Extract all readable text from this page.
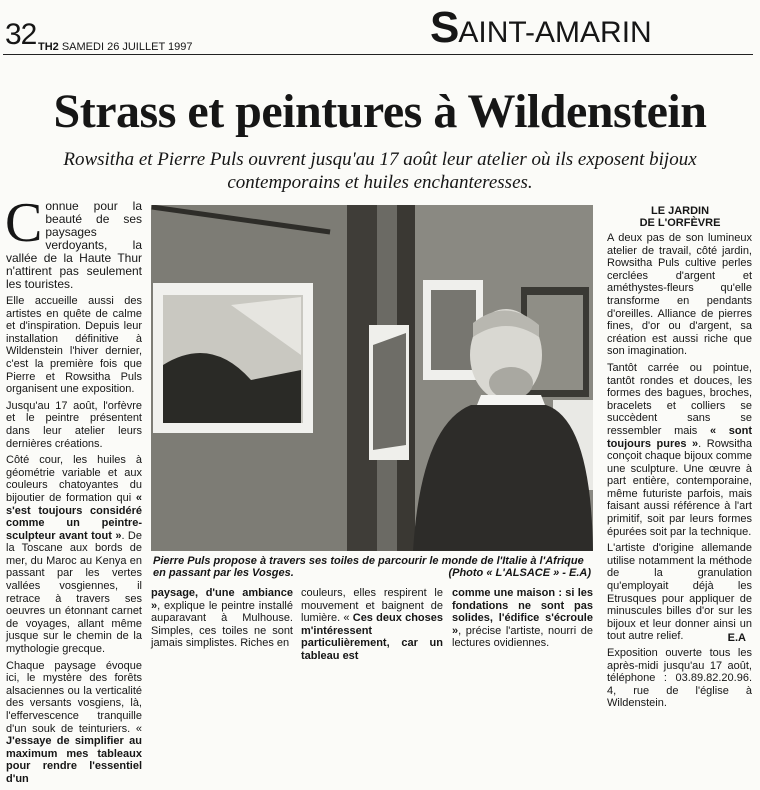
32 TH2 SAMEDI 26 JUILLET 1997	SAINT-AMARIN
Strass et peintures à Wildenstein
Rowsitha et Pierre Puls ouvrent jusqu'au 17 août leur atelier où ils exposent bijoux contemporains et huiles enchanteresses.

Connue pour la beauté de ses paysages verdoyants, la vallée de la Haute Thur n'attirent pas seulement les touristes.

Elle accueille aussi des artistes en quête de calme et d'inspiration. Depuis leur installation définitive à Wildenstein l'hiver dernier, c'est la première fois que Pierre et Rowsitha Puls organisent une exposition.

Jusqu'au 17 août, l'orfèvre et le peintre présentent dans leur atelier leurs dernières créations.

Côté cour, les huiles à géométrie variable et aux couleurs chatoyantes du bijoutier de formation qui « s'est toujours considéré comme un peintre-sculpteur avant tout ». De la Toscane aux bords de mer, du Maroc au Kenya en passant par les vertes vallées vosgiennes, il retrace à travers ses oeuvres un étonnant carnet de voyages, allant même jusque sur le chemin de la mythologie grecque.

Chaque paysage évoque ici, le mystère des forêts alsaciennes ou la verticalité des versants vosgiens, là, l'effervescence tranquille d'un souk de teinturiers. « J'essaye de simplifier au maximum mes tableaux pour rendre l'essentiel d'un

Pierre Puls propose à travers ses toiles de parcourir le monde de l'Italie à l'Afrique en passant par les Vosges.	(Photo « L'ALSACE » - E.A)

paysage, d'une ambiance », explique le peintre installé auparavant à Mulhouse. Simples, ces toiles ne sont jamais simplistes. Riches en

couleurs, elles respirent le mouvement et baignent de lumière. « Ces deux choses m'intéressent particulièrement, car un tableau est

comme une maison : si les fondations ne sont pas solides, l'édifice s'écroule », précise l'artiste, nourri de lectures ovidiennes.

LE JARDIN
DE L'ORFÈVRE

A deux pas de son lumineux atelier de travail, côté jardin, Rowsitha Puls cultive perles cerclées d'argent et améthystes-fleurs qu'elle transforme en pendants d'oreilles. Alliance de pierres fines, d'or ou d'argent, sa création est aussi riche que son imagination.

Tantôt carrée ou pointue, tantôt rondes et douces, les formes des bagues, broches, bracelets et colliers se succèdent sans se ressembler mais « sont toujours pures ». Rowsitha conçoit chaque bijoux comme une sculpture. Une œuvre à part entière, contemporaine, même futuriste parfois, mais faisant aussi référence à l'art primitif, soit par leurs formes épurées soit par la technique.

L'artiste d'origine allemande utilise notamment la méthode de la granulation qu'employait déjà les Etrusques pour appliquer de minuscules billes d'or sur les bijoux et leur donner ainsi un tout autre relief.

Exposition ouverte tous les après-midi jusqu'au 17 août, téléphone : 03.89.82.20.96. 4, rue de l'église à Wildenstein.

E.A
